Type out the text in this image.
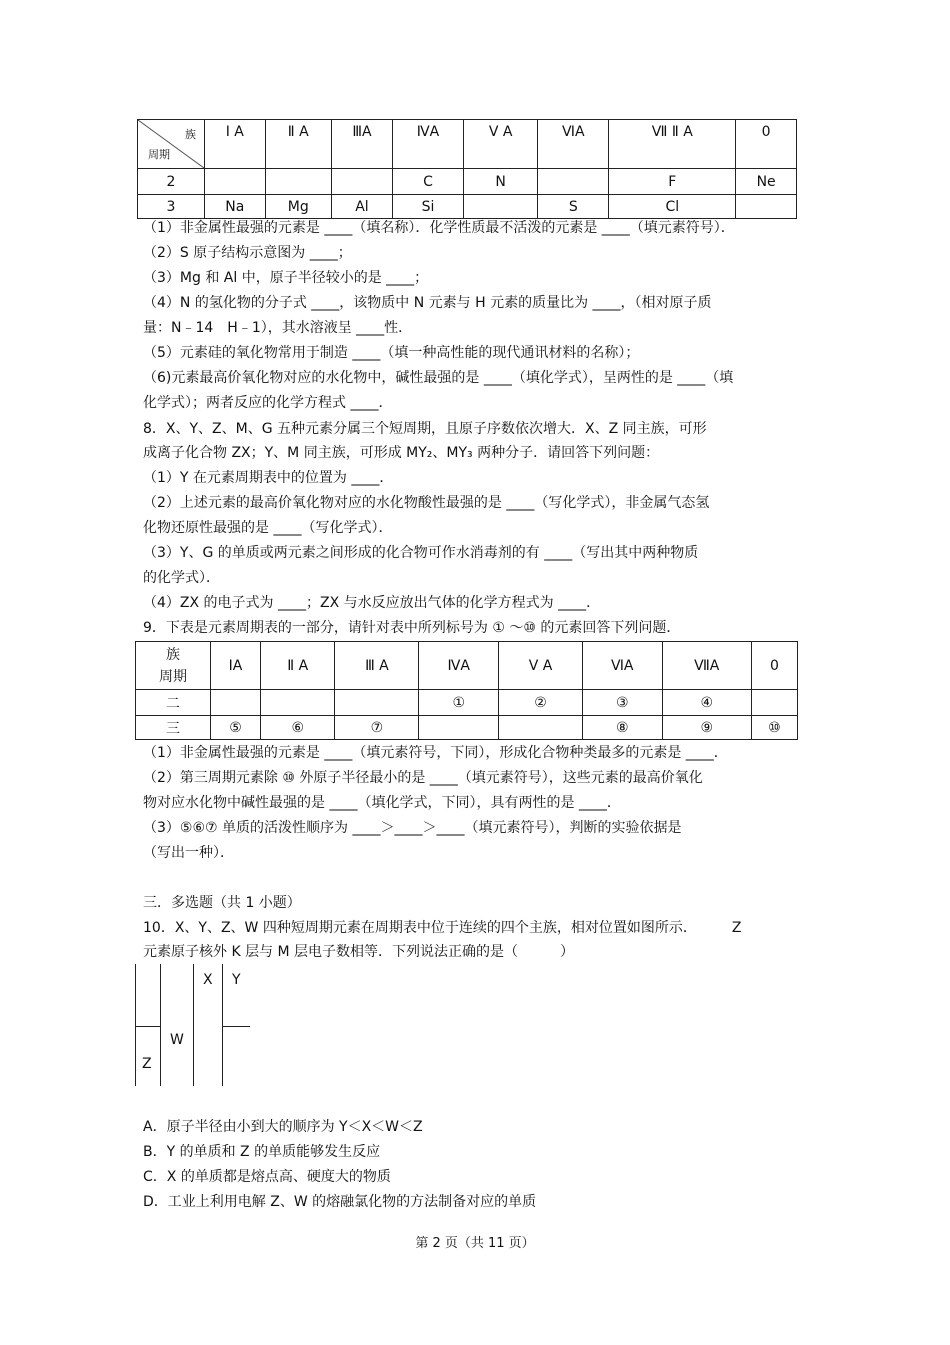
族
周期	Ⅰ A	Ⅱ A	ⅢA	ⅣA	Ⅴ A	ⅥA	Ⅶ Ⅱ A	0
2				C	N		F	Ne
3	Na	Mg	Al	Si		S	Cl	
（1）非金属性最强的元素是 ____（填名称）．化学性质最不活泼的元素是 ____（填元素符号）．
（2）S 原子结构示意图为 ____；
（3）Mg 和 Al 中，原子半径较小的是 ____；
（4）N 的氢化物的分子式 ____，该物质中 N 元素与 H 元素的质量比为 ____，（相对原子质
量：N﹣14　H﹣1），其水溶液呈 ____性．
（5）元素硅的氧化物常用于制造 ____（填一种高性能的现代通讯材料的名称）；
（6)元素最高价氧化物对应的水化物中，碱性最强的是 ____（填化学式），呈两性的是 ____（填
化学式）；两者反应的化学方程式 ____．
8．X、Y、Z、M、G 五种元素分属三个短周期，且原子序数依次增大．X、Z 同主族，可形
成离子化合物 ZX；Y、M 同主族，可形成 MY₂、MY₃ 两种分子．请回答下列问题：
（1）Y 在元素周期表中的位置为 ____．
（2）上述元素的最高价氧化物对应的水化物酸性最强的是 ____（写化学式），非金属气态氢
化物还原性最强的是 ____（写化学式）．
（3）Y、G 的单质或两元素之间形成的化合物可作水消毒剂的有 ____（写出其中两种物质
的化学式）．
（4）ZX 的电子式为 ____；ZX 与水反应放出气体的化学方程式为 ____．
9．下表是元素周期表的一部分，请针对表中所列标号为 ① ～⑩ 的元素回答下列问题．
族
周期	IA	Ⅱ A	Ⅲ A	ⅣA	Ⅴ A	ⅥA	ⅦA	0
二				①	②	③	④	
三	⑤	⑥	⑦			⑧	⑨	⑩
（1）非金属性最强的元素是 ____（填元素符号，下同），形成化合物种类最多的元素是 ____．
（2）第三周期元素除 ⑩ 外原子半径最小的是 ____（填元素符号），这些元素的最高价氧化
物对应水化物中碱性最强的是 ____（填化学式，下同），具有两性的是 ____．
（3）⑤⑥⑦ 单质的活泼性顺序为 ____＞____＞____（填元素符号），判断的实验依据是
（写出一种）．
三．多选题（共 1 小题）
10．X、Y、Z、W 四种短周期元素在周期表中位于连续的四个主族，相对位置如图所示．　　　Z
元素原子核外 K 层与 M 层电子数相等．下列说法正确的是（　　　）
X Y
W
Z
A．原子半径由小到大的顺序为 Y＜X＜W＜Z
B．Y 的单质和 Z 的单质能够发生反应
C．X 的单质都是熔点高、硬度大的物质
D．工业上利用电解 Z、W 的熔融氯化物的方法制备对应的单质
第 2 页（共 11 页）
